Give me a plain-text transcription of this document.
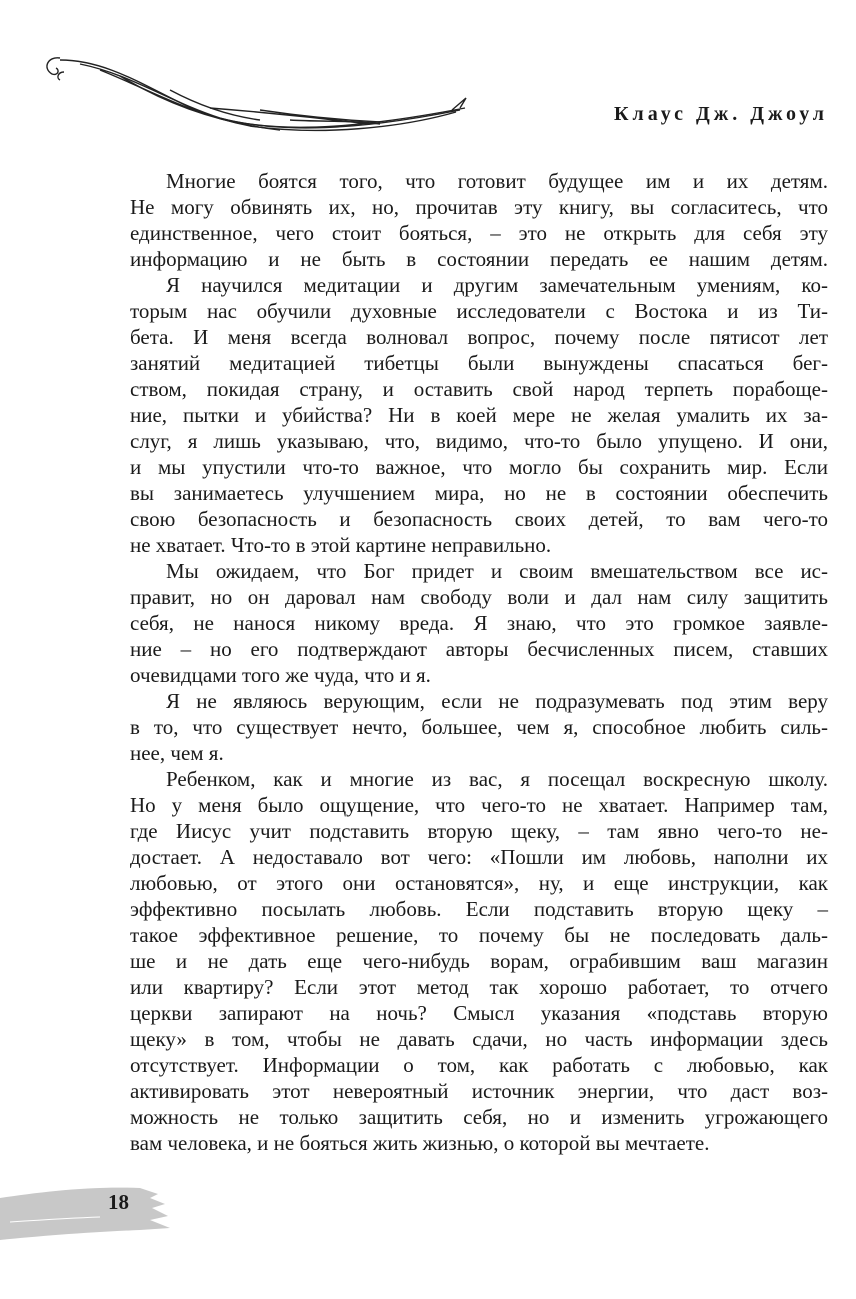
Клаус Дж. Джоул
Многие боятся того, что готовит будущее им и их детям.
Не могу обвинять их, но, прочитав эту книгу, вы согласитесь, что
единственное, чего стоит бояться, – это не открыть для себя эту
информацию и не быть в состоянии передать ее нашим детям.
Я научился медитации и другим замечательным умениям, ко-
торым нас обучили духовные исследователи с Востока и из Ти-
бета. И меня всегда волновал вопрос, почему после пятисот лет
занятий медитацией тибетцы были вынуждены спасаться бег-
ством, покидая страну, и оставить свой народ терпеть порабоще-
ние, пытки и убийства? Ни в коей мере не желая умалить их за-
слуг, я лишь указываю, что, видимо, что-то было упущено. И они,
и мы упустили что-то важное, что могло бы сохранить мир. Если
вы занимаетесь улучшением мира, но не в состоянии обеспечить
свою безопасность и безопасность своих детей, то вам чего-то
не хватает. Что-то в этой картине неправильно.
Мы ожидаем, что Бог придет и своим вмешательством все ис-
правит, но он даровал нам свободу воли и дал нам силу защитить
себя, не нанося никому вреда. Я знаю, что это громкое заявле-
ние – но его подтверждают авторы бесчисленных писем, ставших
очевидцами того же чуда, что и я.
Я не являюсь верующим, если не подразумевать под этим веру
в то, что существует нечто, большее, чем я, способное любить силь-
нее, чем я.
Ребенком, как и многие из вас, я посещал воскресную школу.
Но у меня было ощущение, что чего-то не хватает. Например там,
где Иисус учит подставить вторую щеку, – там явно чего-то не-
достает. А недоставало вот чего: «Пошли им любовь, наполни их
любовью, от этого они остановятся», ну, и еще инструкции, как
эффективно посылать любовь. Если подставить вторую щеку –
такое эффективное решение, то почему бы не последовать даль-
ше и не дать еще чего-нибудь ворам, ограбившим ваш магазин
или квартиру? Если этот метод так хорошо работает, то отчего
церкви запирают на ночь? Смысл указания «подставь вторую
щеку» в том, чтобы не давать сдачи, но часть информации здесь
отсутствует. Информации о том, как работать с любовью, как
активировать этот невероятный источник энергии, что даст воз-
можность не только защитить себя, но и изменить угрожающего
вам человека, и не бояться жить жизнью, о которой вы мечтаете.
18
